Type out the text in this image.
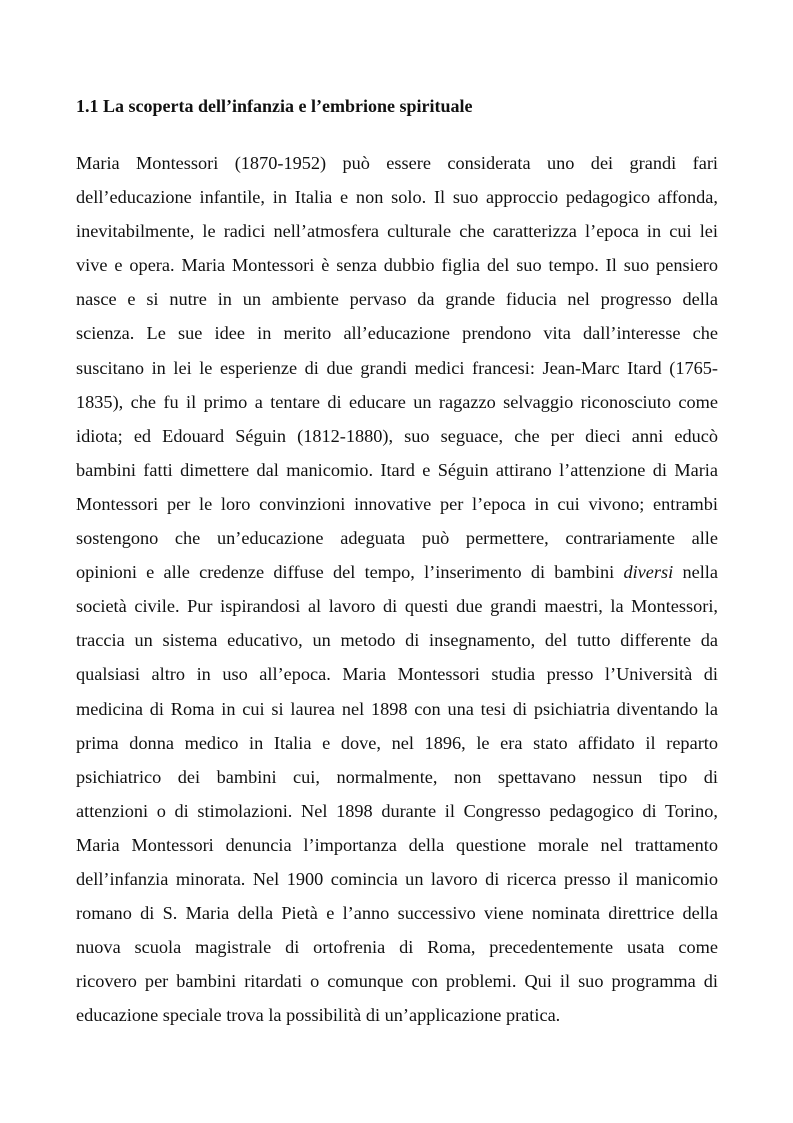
1.1 La scoperta dell’infanzia e l’embrione spirituale
Maria Montessori (1870-1952) può essere considerata uno dei grandi fari
dell’educazione infantile, in Italia e non solo. Il suo approccio pedagogico affonda,
inevitabilmente, le radici nell’atmosfera culturale che caratterizza l’epoca in cui lei
vive e opera. Maria Montessori è senza dubbio figlia del suo tempo. Il suo pensiero
nasce e si nutre in un ambiente pervaso da grande fiducia nel progresso della
scienza. Le sue idee in merito all’educazione prendono vita dall’interesse che
suscitano in lei le esperienze di due grandi medici francesi: Jean-Marc Itard (1765-
1835), che fu il primo a tentare di educare un ragazzo selvaggio riconosciuto come
idiota; ed Edouard Séguin (1812-1880), suo seguace, che per dieci anni educò
bambini fatti dimettere dal manicomio. Itard e Séguin attirano l’attenzione di Maria
Montessori per le loro convinzioni innovative per l’epoca in cui vivono; entrambi
sostengono che un’educazione adeguata può permettere, contrariamente alle
opinioni e alle credenze diffuse del tempo, l’inserimento di bambini diversi nella
società civile. Pur ispirandosi al lavoro di questi due grandi maestri, la Montessori,
traccia un sistema educativo, un metodo di insegnamento, del tutto differente da
qualsiasi altro in uso all’epoca. Maria Montessori studia presso l’Università di
medicina di Roma in cui si laurea nel 1898 con una tesi di psichiatria diventando la
prima donna medico in Italia e dove, nel 1896, le era stato affidato il reparto
psichiatrico dei bambini cui, normalmente, non spettavano nessun tipo di
attenzioni o di stimolazioni. Nel 1898 durante il Congresso pedagogico di Torino,
Maria Montessori denuncia l’importanza della questione morale nel trattamento
dell’infanzia minorata. Nel 1900 comincia un lavoro di ricerca presso il manicomio
romano di S. Maria della Pietà e l’anno successivo viene nominata direttrice della
nuova scuola magistrale di ortofrenia di Roma, precedentemente usata come
ricovero per bambini ritardati o comunque con problemi. Qui il suo programma di
educazione speciale trova la possibilità di un’applicazione pratica.
